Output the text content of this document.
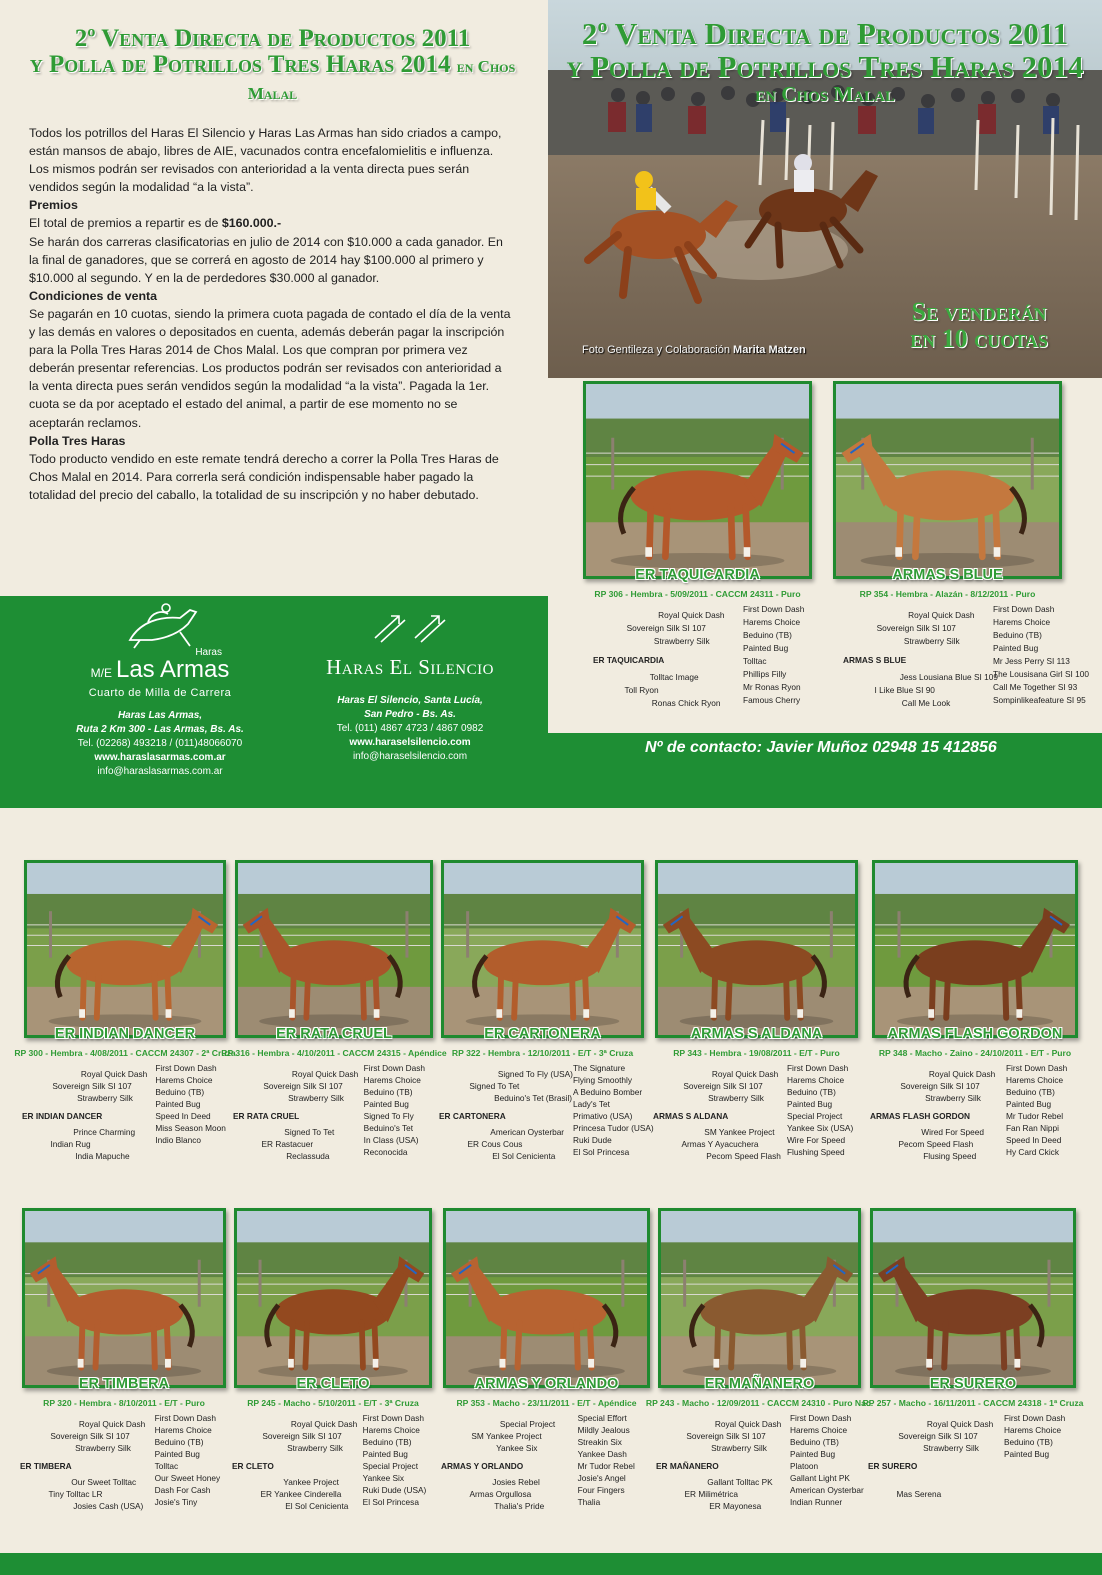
2º Venta Directa de Productos 2011
y Polla de Potrillos Tres Haras 2014 en Chos Malal

Todos los potrillos del Haras El Silencio y Haras Las Armas han sido criados a campo, están mansos de abajo, libres de AIE, vacunados contra encefalomielitis e influenza. Los mismos podrán ser revisados con anterioridad a la venta directa pues serán vendidos según la modalidad “a la vista”.

Premios

El total de premios a repartir es de $160.000.-

Se harán dos carreras clasificatorias en julio de 2014 con $10.000 a cada ganador. En la final de ganadores, que se correrá en agosto de 2014 hay $100.000 al primero y $10.000 al segundo. Y en la de perdedores $30.000 al ganador.

Condiciones de venta

Se pagarán en 10 cuotas, siendo la primera cuota pagada de contado el día de la venta y las demás en valores o depositados en cuenta, además deberán pagar la inscripción para la Polla Tres Haras 2014 de Chos Malal. Los que compran por primera vez deberán presentar referencias. Los productos podrán ser revisados con anterioridad a la venta directa pues serán vendidos según la modalidad “a la vista”. Pagada la 1er. cuota se da por aceptado el estado del animal, a partir de ese momento no se aceptarán reclamos.

Polla Tres Haras

Todo producto vendido en este remate tendrá derecho a correr la Polla Tres Haras de Chos Malal en 2014. Para correrla será condición indispensable haber pagado la totalidad del precio del caballo, la totalidad de su inscripción y no haber debutado.

2º Venta Directa de Productos 2011
y Polla de Potrillos Tres Haras 2014
en Chos Malal
Foto Gentileza y Colaboración Marita Matzen
Se venderán
en 10 cuotas
Haras
M/E Las Armas
Cuarto de Milla de Carrera
Haras Las Armas,
Ruta 2 Km 300 - Las Armas, Bs. As.
Tel. (02268) 493218 / (011)48066070
www.haraslasarmas.com.ar
info@haraslasarmas.com.ar
Haras El Silencio
Haras El Silencio, Santa Lucía,
San Pedro - Bs. As.
Tel. (011) 4867 4723 / 4867 0982
www.haraselsilencio.com
info@haraselsilencio.com
Nº de contacto: Javier Muñoz 02948 15 412856
ER TAQUICARDIA
RP 306 - Hembra - 5/09/2011 - CACCM 24311 - Puro
Royal Quick Dash
Sovereign Silk SI 107
Strawberry Silk
ER TAQUICARDIA
Tolltac Image
Toll Ryon
Ronas Chick Ryon
First Down Dash
Harems Choice
Beduino (TB)
Painted Bug
Tolltac
Phillips Filly
Mr Ronas Ryon
Famous Cherry
ARMAS S BLUE
RP 354 - Hembra - Alazán - 8/12/2011 - Puro
Royal Quick Dash
Sovereign Silk SI 107
Strawberry Silk
ARMAS S BLUE
Jess Lousiana Blue SI 109
I Like Blue SI 90
Call Me Look
First Down Dash
Harems Choice
Beduino (TB)
Painted Bug
Mr Jess Perry SI 113
The Lousisana Girl SI 100
Call Me Together SI 93
Sompinlikeafeature SI 95
ER INDIAN DANCER
RP 300 - Hembra - 4/08/2011 - CACCM 24307 - 2ª Cruza
Royal Quick Dash
Sovereign Silk SI 107
Strawberry Silk
ER INDIAN DANCER
Prince Charming
Indian Rug
India Mapuche
First Down Dash
Harems Choice
Beduino (TB)
Painted Bug
Speed In Deed
Miss Season Moon
Indio Blanco
ER RATA CRUEL
RP 316 - Hembra - 4/10/2011 - CACCM 24315 - Apéndice
Royal Quick Dash
Sovereign Silk SI 107
Strawberry Silk
ER RATA CRUEL
Signed To Tet
ER Rastacuer
Reclassuda
First Down Dash
Harems Choice
Beduino (TB)
Painted Bug
Signed To Fly
Beduino's Tet
In Class (USA)
Reconocida
ER CARTONERA
RP 322 - Hembra - 12/10/2011 - E/T - 3ª Cruza
Signed To Fly (USA)
Signed To Tet
Beduino's Tet (Brasil)
ER CARTONERA
American Oysterbar
ER Cous Cous
El Sol Cenicienta
The Signature
Flying Smoothly
A Beduino Bomber
Lady's Tet
Primativo (USA)
Princesa Tudor (USA)
Ruki Dude
El Sol Princesa
ARMAS S ALDANA
RP 343 - Hembra - 19/08/2011 - E/T - Puro
Royal Quick Dash
Sovereign Silk SI 107
Strawberry Silk
ARMAS S ALDANA
SM Yankee Project
Armas Y Ayacuchera
Pecom Speed Flash
First Down Dash
Harems Choice
Beduino (TB)
Painted Bug
Special Project
Yankee Six (USA)
Wire For Speed
Flushing Speed
ARMAS FLASH GORDON
RP 348 - Macho - Zaino - 24/10/2011 - E/T - Puro
Royal Quick Dash
Sovereign Silk SI 107
Strawberry Silk
ARMAS FLASH GORDON
Wired For Speed
Pecom Speed Flash
Flusing Speed
First Down Dash
Harems Choice
Beduino (TB)
Painted Bug
Mr Tudor Rebel
Fan Ran Nippi
Speed In Deed
Hy Card Ckick
ER TIMBERA
RP 320 - Hembra - 8/10/2011 - E/T - Puro
Royal Quick Dash
Sovereign Silk SI 107
Strawberry Silk
ER TIMBERA
Our Sweet Tolltac
Tiny Tolltac LR
Josies Cash (USA)
First Down Dash
Harems Choice
Beduino (TB)
Painted Bug
Tolltac
Our Sweet Honey
Dash For Cash
Josie's Tiny
ER CLETO
RP 245 - Macho - 5/10/2011 - E/T - 3ª Cruza
Royal Quick Dash
Sovereign Silk SI 107
Strawberry Silk
ER CLETO
Yankee Project
ER Yankee Cinderella
El Sol Cenicienta
First Down Dash
Harems Choice
Beduino (TB)
Painted Bug
Special Project
Yankee Six
Ruki Dude (USA)
El Sol Princesa
ARMAS Y ORLANDO
RP 353 - Macho - 23/11/2011 - E/T - Apéndice
Special Project
SM Yankee Project
Yankee Six
ARMAS Y ORLANDO
Josies Rebel
Armas Orgullosa
Thalia's Pride
Special Effort
Mildly Jealous
Streakin Six
Yankee Dash
Mr Tudor Rebel
Josie's Angel
Four Fingers
Thalia
ER MAÑANERO
RP 243 - Macho - 12/09/2011 - CACCM 24310 - Puro Nac.
Royal Quick Dash
Sovereign Silk SI 107
Strawberry Silk
ER MAÑANERO
Gallant Tolltac PK
ER Milimétrica
ER Mayonesa
First Down Dash
Harems Choice
Beduino (TB)
Painted Bug
Platoon
Gallant Light PK
American Oysterbar
Indian Runner
ER SURERO
RP 257 - Macho - 16/11/2011 - CACCM 24318 - 1ª Cruza
Royal Quick Dash
Sovereign Silk SI 107
Strawberry Silk
ER SURERO
Mas Serena
First Down Dash
Harems Choice
Beduino (TB)
Painted Bug
